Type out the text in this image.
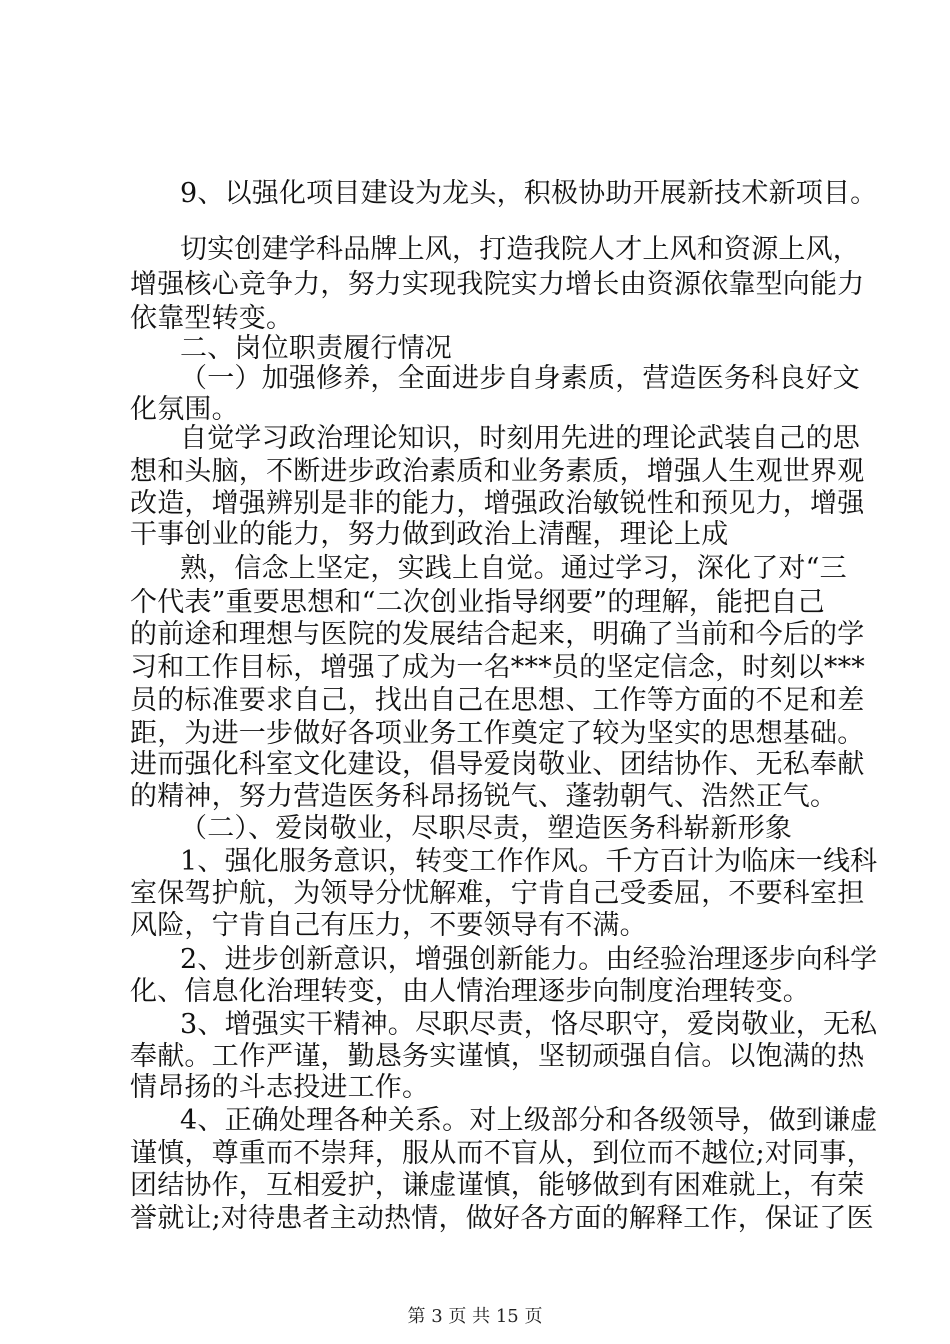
9、以强化项目建设为龙头，积极协助开展新技术新项目。
切实创建学科品牌上风，打造我院人才上风和资源上风，
增强核心竞争力，努力实现我院实力增长由资源依靠型向能力
依靠型转变。
二、岗位职责履行情况
（一）加强修养，全面进步自身素质，营造医务科良好文
化氛围。
自觉学习政治理论知识，时刻用先进的理论武装自己的思
想和头脑，不断进步政治素质和业务素质，增强人生观世界观
改造，增强辨别是非的能力，增强政治敏锐性和预见力，增强
干事创业的能力，努力做到政治上清醒，理论上成
熟，信念上坚定，实践上自觉。通过学习，深化了对“三
个代表”重要思想和“二次创业指导纲要”的理解，能把自己
的前途和理想与医院的发展结合起来，明确了当前和今后的学
习和工作目标，增强了成为一名***员的坚定信念，时刻以***
员的标准要求自己，找出自己在思想、工作等方面的不足和差
距，为进一步做好各项业务工作奠定了较为坚实的思想基础。
进而强化科室文化建设，倡导爱岗敬业、团结协作、无私奉献
的精神，努力营造医务科昂扬锐气、蓬勃朝气、浩然正气。
（二）、爱岗敬业，尽职尽责，塑造医务科崭新形象
1、强化服务意识，转变工作作风。千方百计为临床一线科
室保驾护航，为领导分忧解难，宁肯自己受委屈，不要科室担
风险，宁肯自己有压力，不要领导有不满。
2、进步创新意识，增强创新能力。由经验治理逐步向科学
化、信息化治理转变，由人情治理逐步向制度治理转变。
3、增强实干精神。尽职尽责，恪尽职守，爱岗敬业，无私
奉献。工作严谨，勤恳务实谨慎，坚韧顽强自信。以饱满的热
情昂扬的斗志投进工作。
4、正确处理各种关系。对上级部分和各级领导，做到谦虚
谨慎，尊重而不崇拜，服从而不盲从，到位而不越位;对同事，
团结协作，互相爱护，谦虚谨慎，能够做到有困难就上，有荣
誉就让;对待患者主动热情，做好各方面的解释工作，保证了医
第 3 页 共 15 页
